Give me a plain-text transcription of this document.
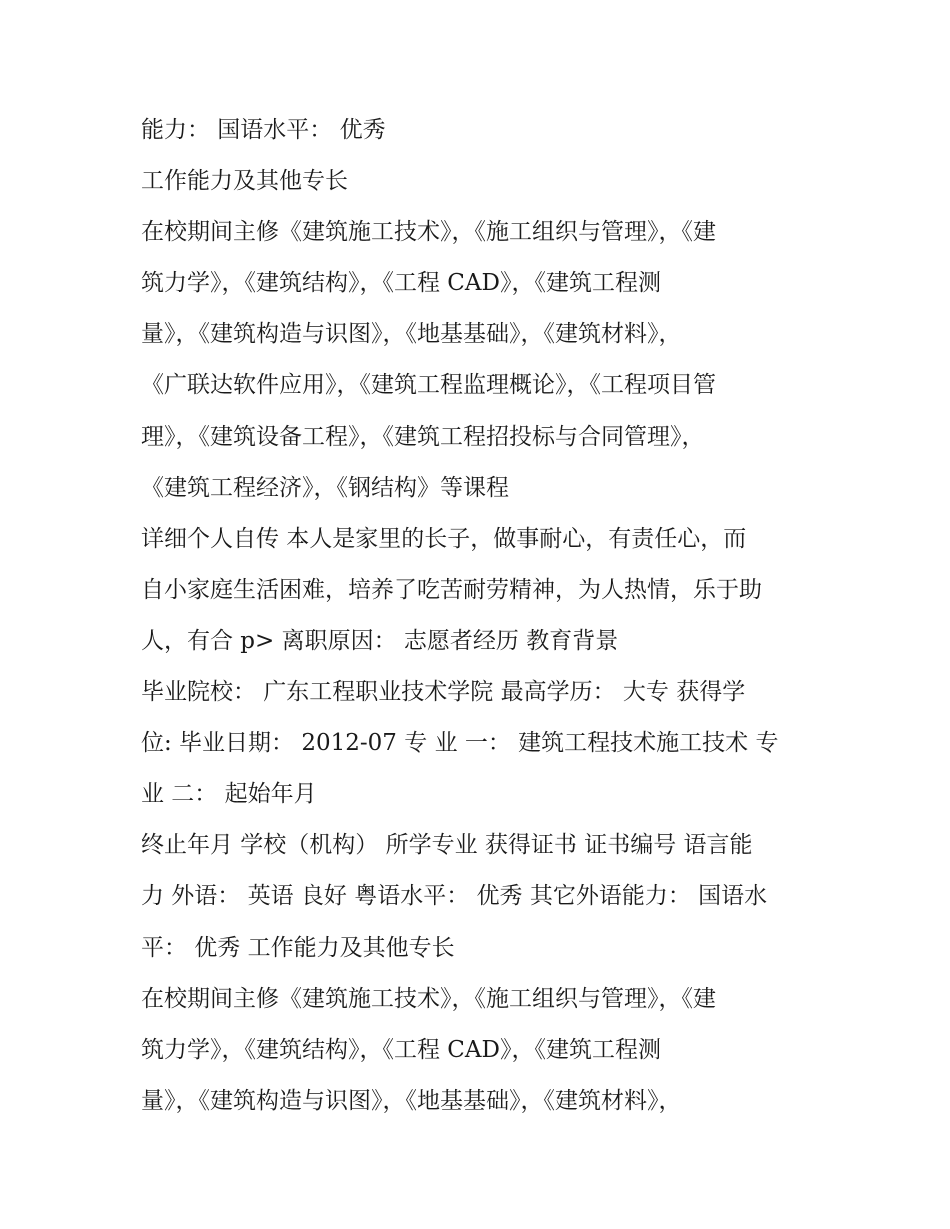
能力： 国语水平： 优秀
工作能力及其他专长
在校期间主修《建筑施工技术》，《施工组织与管理》，《建
筑力学》，《建筑结构》，《工程 CAD》，《建筑工程测
量》，《建筑构造与识图》，《地基基础》，《建筑材料》，
《广联达软件应用》，《建筑工程监理概论》，《工程项目管
理》，《建筑设备工程》，《建筑工程招投标与合同管理》，
《建筑工程经济》，《钢结构》等课程
详细个人自传 本人是家里的长子，做事耐心，有责任心，而
自小家庭生活困难，培养了吃苦耐劳精神，为人热情，乐于助
人，有合 p> 离职原因： 志愿者经历 教育背景
毕业院校： 广东工程职业技术学院 最高学历： 大专 获得学
位: 毕业日期： 2012-07 专 业 一： 建筑工程技术施工技术 专
业 二： 起始年月
终止年月 学校（机构） 所学专业 获得证书 证书编号 语言能
力 外语： 英语 良好 粤语水平： 优秀 其它外语能力： 国语水
平： 优秀 工作能力及其他专长
在校期间主修《建筑施工技术》，《施工组织与管理》，《建
筑力学》，《建筑结构》，《工程 CAD》，《建筑工程测
量》，《建筑构造与识图》，《地基基础》，《建筑材料》，
